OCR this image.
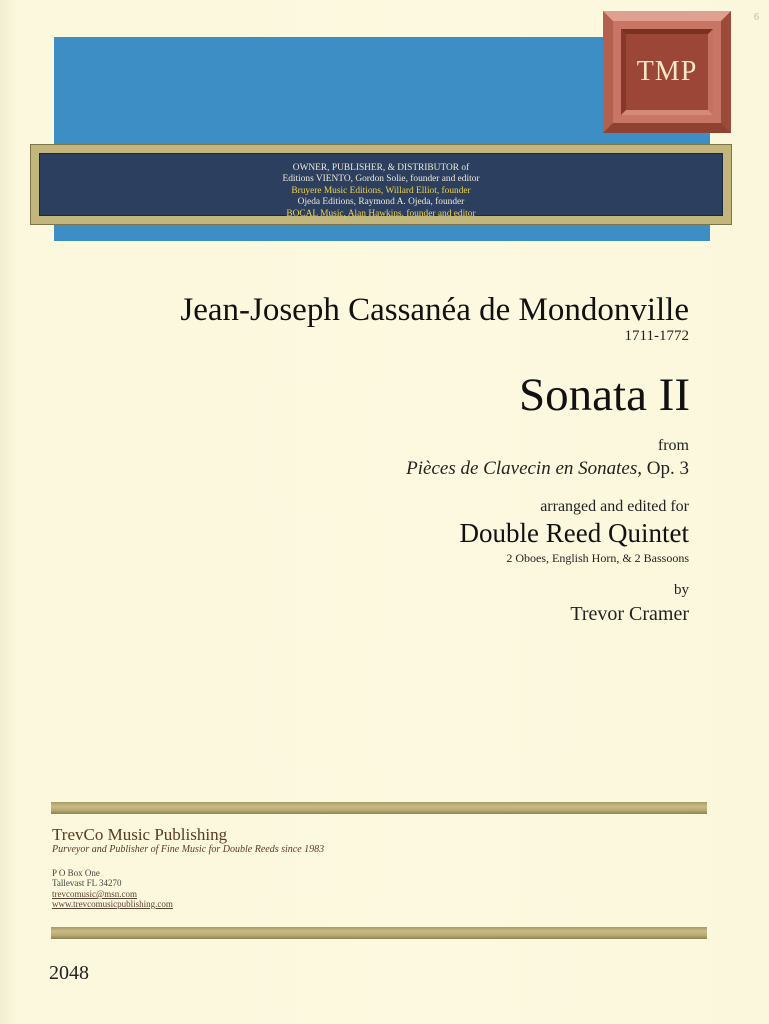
6
TMP
OWNER, PUBLISHER, & DISTRIBUTOR of
Editions VIENTO, Gordon Solie, founder and editor
Bruyere Music Editions, Willard Elliot, founder
Ojeda Editions, Raymond A. Ojeda, founder
BOCAL Music, Alan Hawkins, founder and editor
Jean-Joseph Cassanéa de Mondonville
1711-1772
Sonata II
from
Pièces de Clavecin en Sonates, Op. 3
arranged and edited for
Double Reed Quintet
2 Oboes, English Horn, & 2 Bassoons
by
Trevor Cramer
TrevCo Music Publishing
Purveyor and Publisher of Fine Music for Double Reeds since 1983
P O Box One
Tallevast FL 34270
trevcomusic@msn.com
www.trevcomusicpublishing.com
2048
